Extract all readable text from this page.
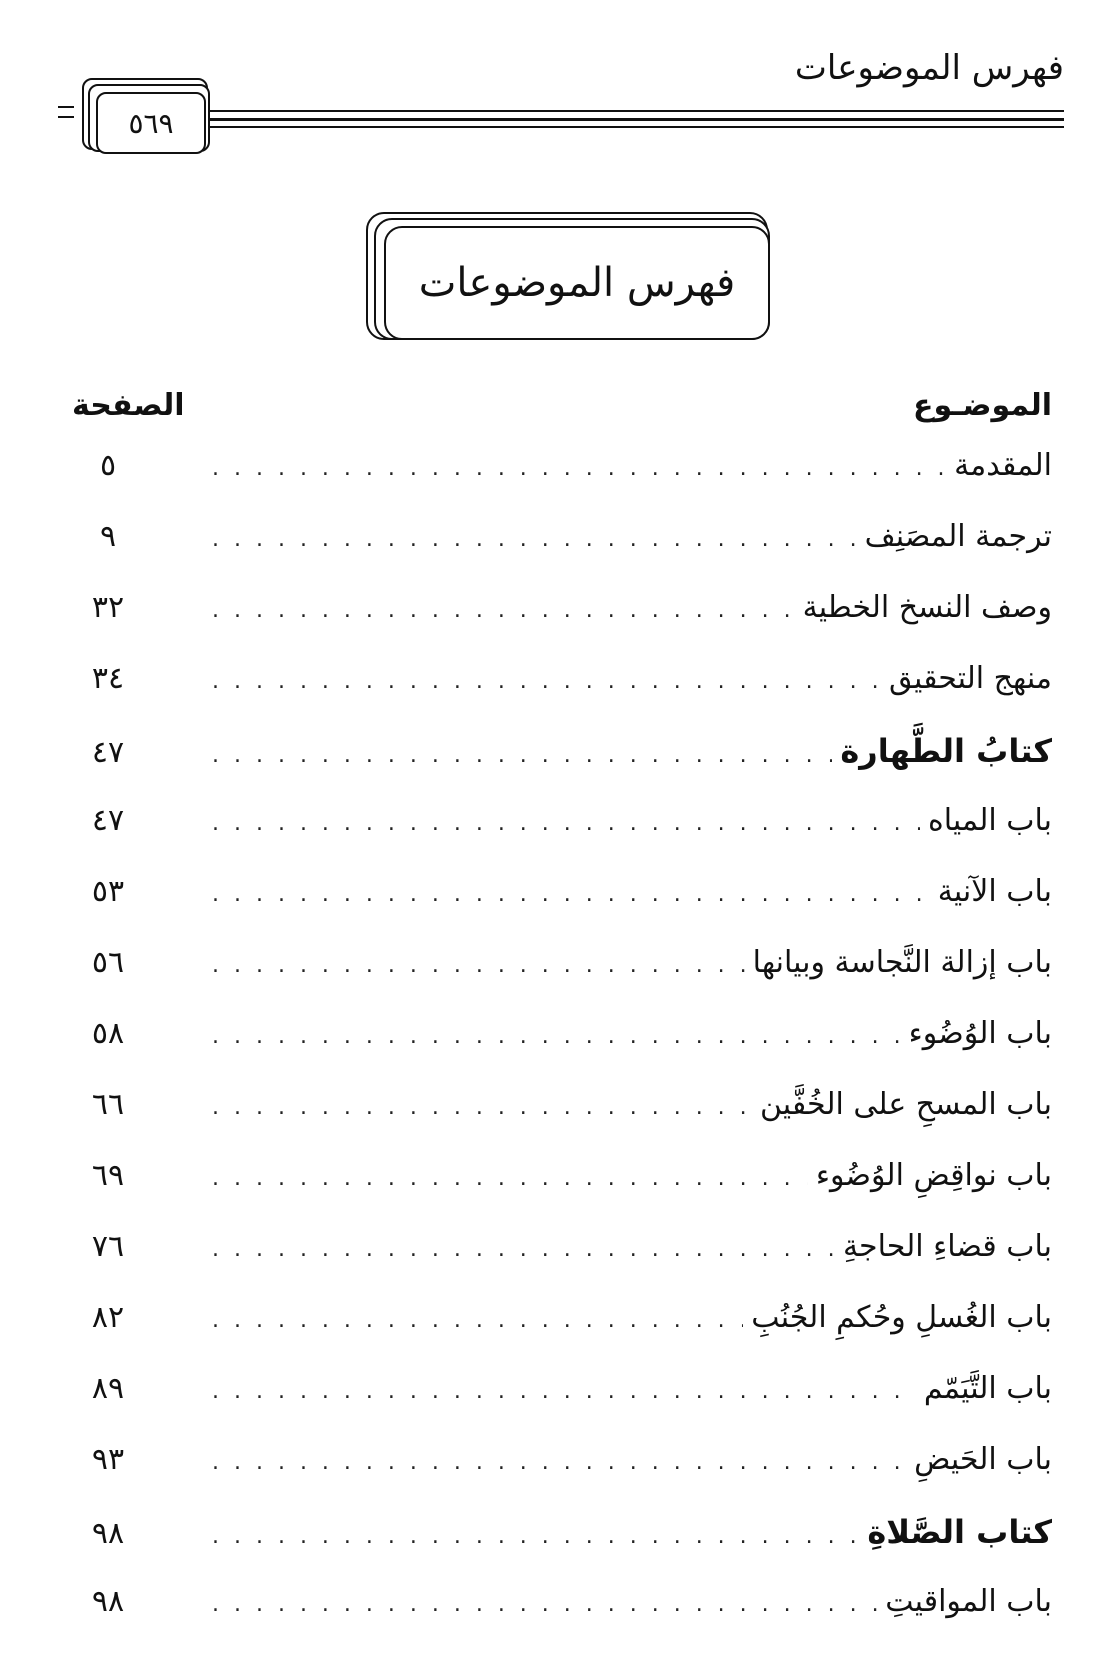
فهرس الموضوعات
٥٦٩
فهرس الموضوعات
الموضـوع
الصفحة
المقدمة
. . .
٥
ترجمة المصَنِف
. . .
٩
وصف النسخ الخطية
. . .
٣٢
منهج التحقيق
. . .
٣٤
كتابُ الطَّهارة
. . .
٤٧
باب المياه
. . .
٤٧
باب الآنية
. . .
٥٣
باب إزالة النَّجاسة وبيانها
. . .
٥٦
باب الوُضُوء
. . .
٥٨
باب المسحِ على الخُفَّين
. . .
٦٦
باب نواقِضِ الوُضُوء
. . .
٦٩
باب قضاءِ الحاجةِ
. . .
٧٦
باب الغُسلِ وحُكمِ الجُنُبِ
. . .
٨٢
باب التَّيَمّم
. . .
٨٩
باب الحَيضِ
. . .
٩٣
كتاب الصَّلاةِ
. . .
٩٨
باب المواقيتِ
. . .
٩٨
